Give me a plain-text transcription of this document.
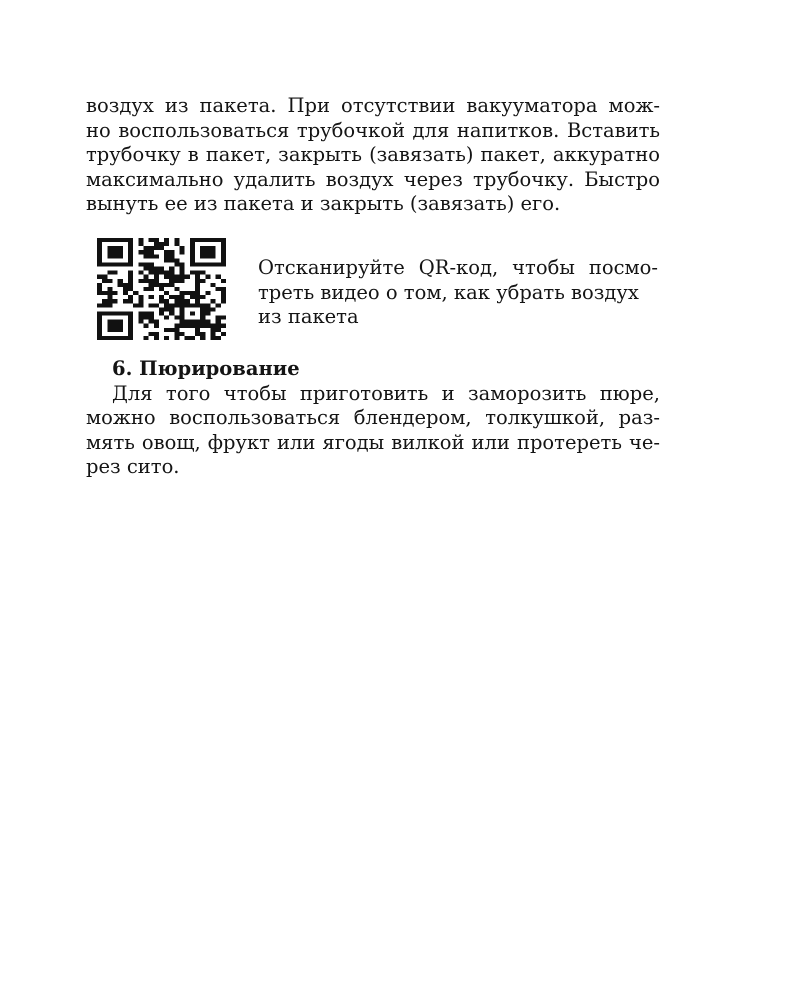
воздух из пакета. При отсутствии вакууматора мож-
но воспользоваться трубочкой для напитков. Вставить
трубочку в пакет, закрыть (завязать) пакет, аккуратно
максимально удалить воздух через трубочку. Быстро
вынуть ее из пакета и закрыть (завязать) его.
Отсканируйте QR-код, чтобы посмо-
треть видео о том, как убрать воздух
из пакета
6. Пюрирование
Для того чтобы приготовить и заморозить пюре,
можно воспользоваться блендером, толкушкой, раз-
мять овощ, фрукт или ягоды вилкой или протереть че-
рез сито.
